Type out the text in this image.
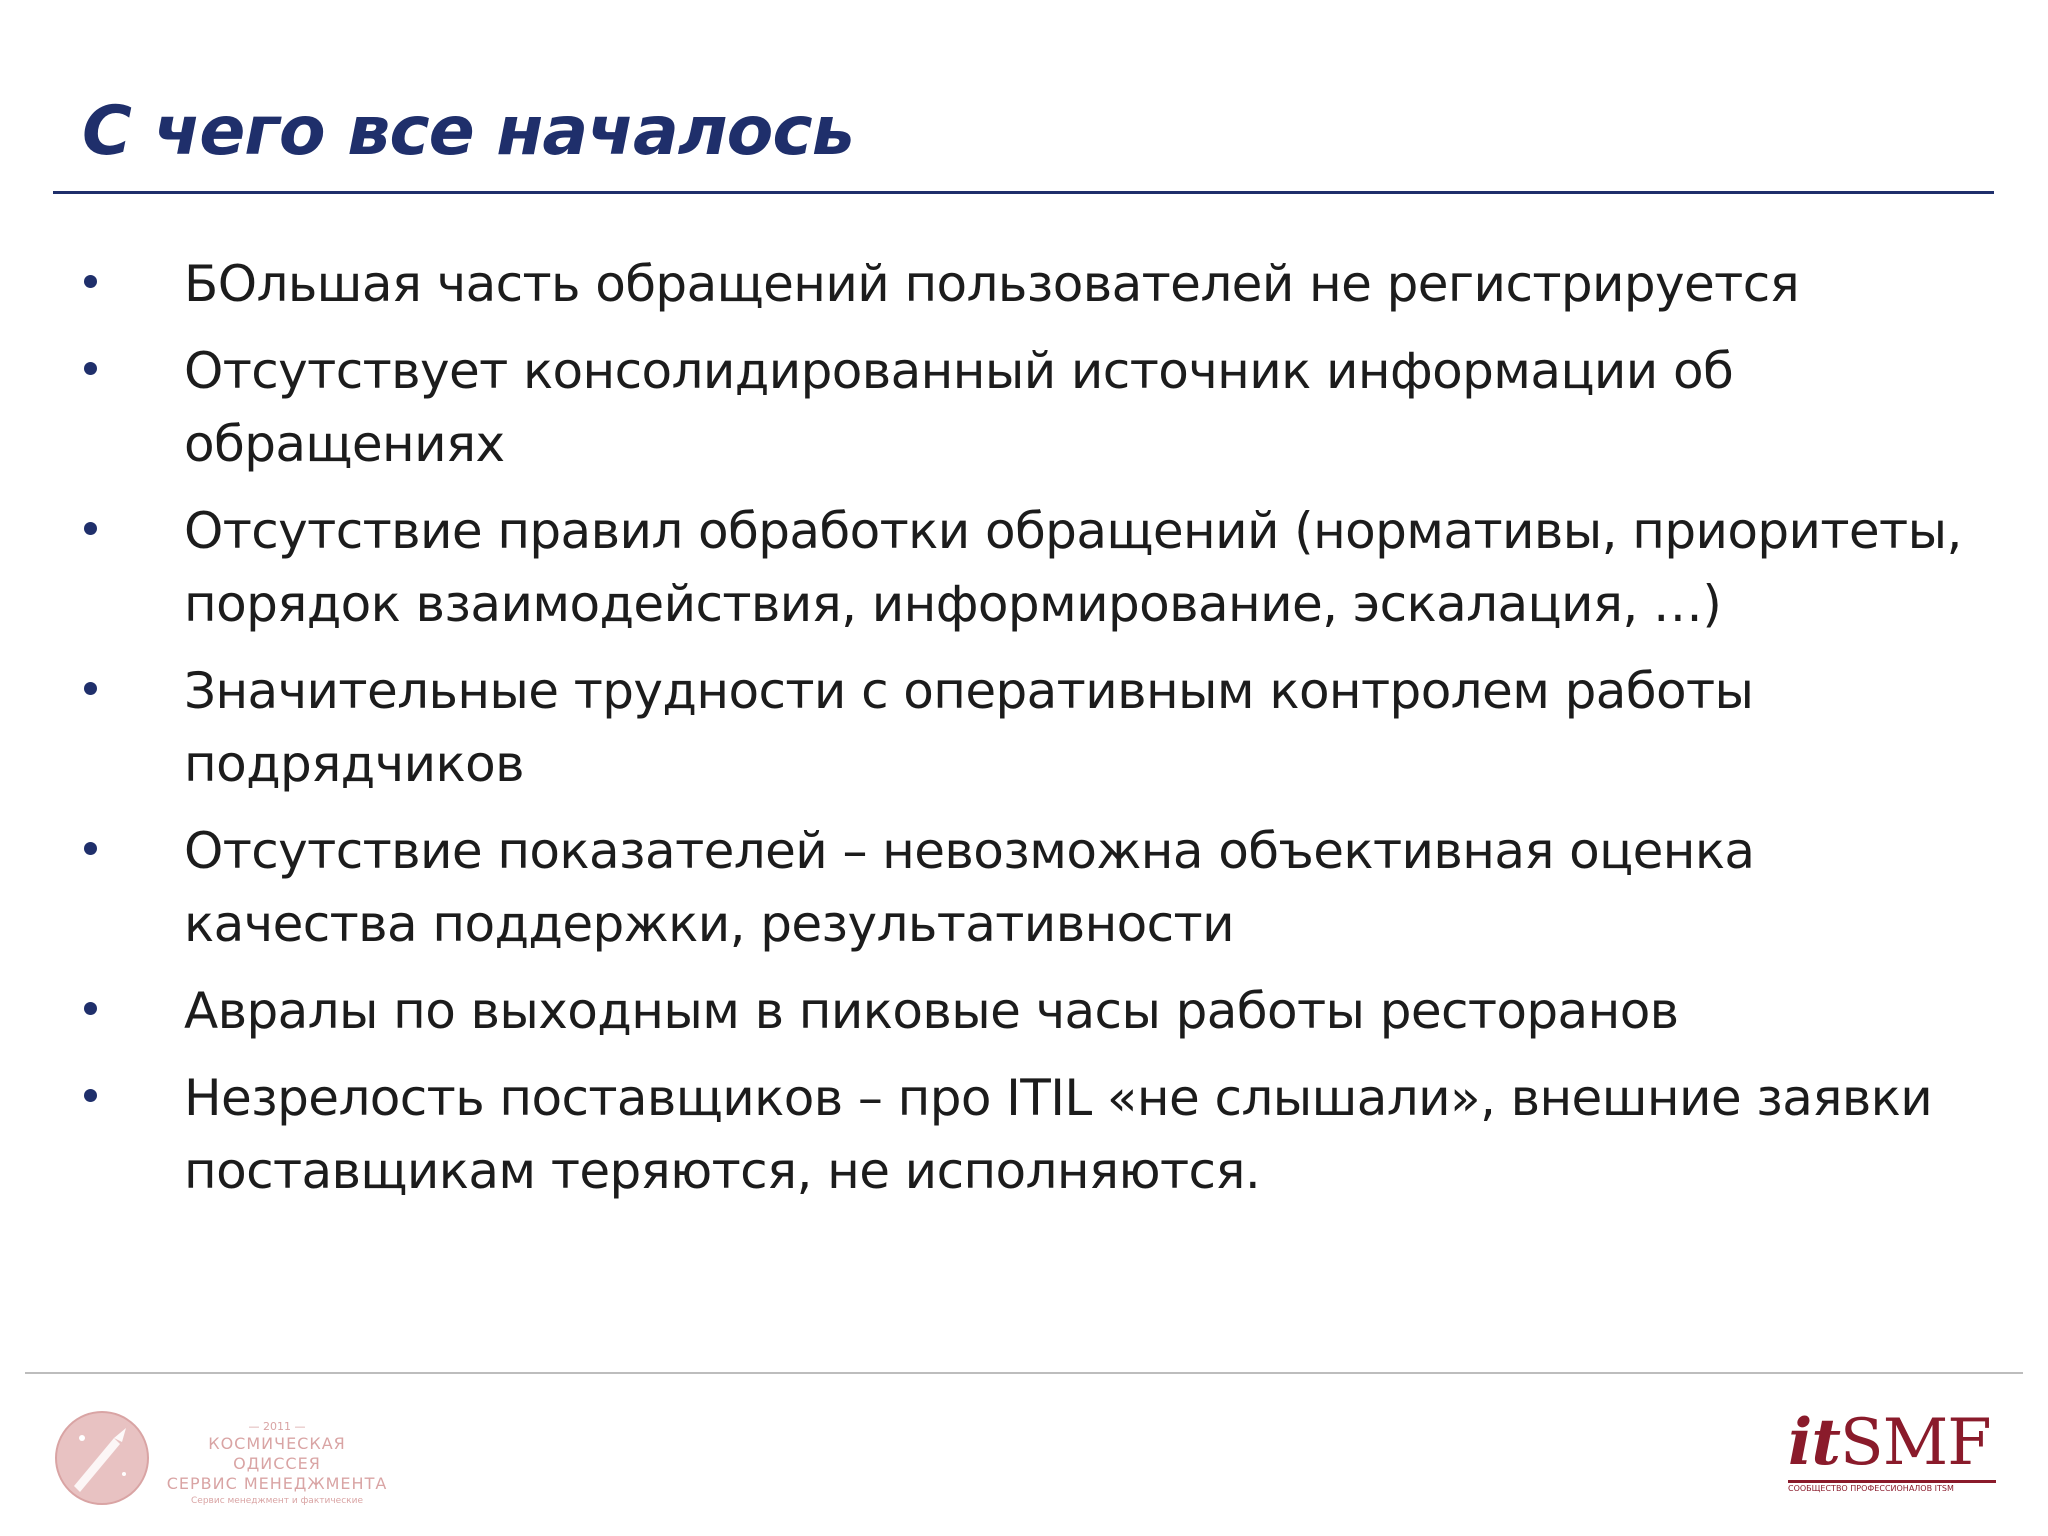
С чего все началось
БОльшая часть обращений пользователей не регистрируется
Отсутствует консолидированный источник информации об обращениях
Отсутствие правил обработки обращений (нормативы, приоритеты, порядок взаимодействия, информирование, эскалация, …)
Значительные трудности с оперативным контролем работы подрядчиков
Отсутствие показателей – невозможна объективная оценка качества поддержки, результативности
Авралы по выходным в пиковые часы работы ресторанов
Незрелость поставщиков – про ITIL «не слышали», внешние заявки поставщикам теряются, не исполняются.
— 2011 —
КОСМИЧЕСКАЯ ОДИССЕЯ
СЕРВИС МЕНЕДЖМЕНТА
Сервис менеджмент и фактические
itSMF
СООБЩЕСТВО ПРОФЕССИОНАЛОВ ITSM
